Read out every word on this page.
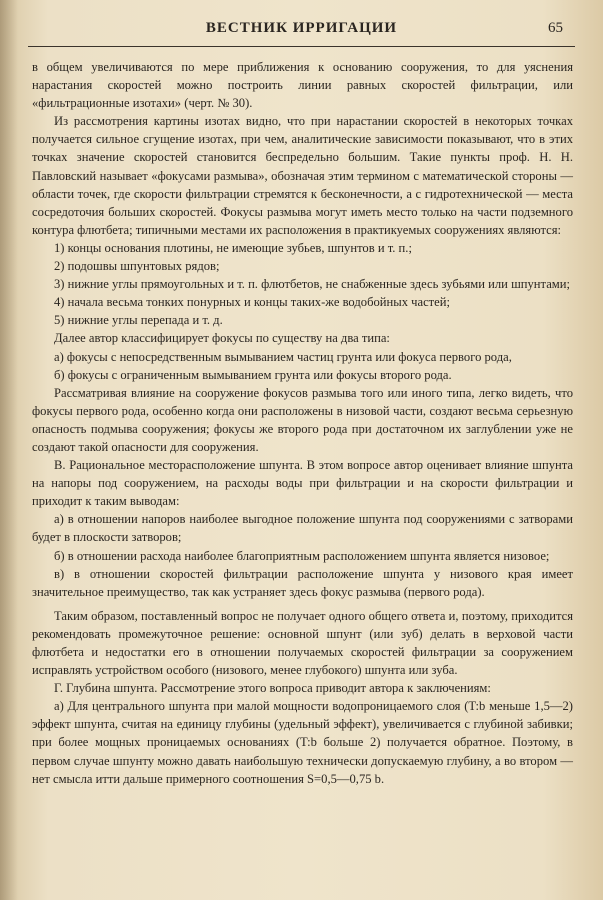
ВЕСТНИК ИРРИГАЦИИ	65

в общем увеличиваются по мере приближения к основанию сооружения, то для уяснения нарастания скоростей можно построить линии равных скоростей фильтрации, или «фильтрационные изотахи» (черт. № 30).

Из рассмотрения картины изотах видно, что при нарастании скоростей в некоторых точках получается сильное сгущение изотах, при чем, аналитические зависимости показывают, что в этих точках значение скоростей становится беспредельно большим. Такие пункты проф. Н. Н. Павловский называет «фокусами размыва», обозначая этим термином с математической стороны — области точек, где скорости фильтрации стремятся к бесконечности, а с гидротехнической — места сосредоточия больших скоростей. Фокусы размыва могут иметь место только на части подземного контура флютбета; типичными местами их расположения в практикуемых сооружениях являются:

1) концы основания плотины, не имеющие зубьев, шпунтов и т. п.;

2) подошвы шпунтовых рядов;

3) нижние углы прямоугольных и т. п. флютбетов, не снабженные здесь зубьями или шпунтами;

4) начала весьма тонких понурных и концы таких-же водобойных частей;

5) нижние углы перепада и т. д.

Далее автор классифицирует фокусы по существу на два типа:

а) фокусы с непосредственным вымыванием частиц грунта или фокуса первого рода,

б) фокусы с ограниченным вымыванием грунта или фокусы второго рода.

Рассматривая влияние на сооружение фокусов размыва того или иного типа, легко видеть, что фокусы первого рода, особенно когда они расположены в низовой части, создают весьма серьезную опасность подмыва сооружения; фокусы же второго рода при достаточном их заглублении уже не создают такой опасности для сооружения.

В. Рациональное месторасположение шпунта. В этом вопросе автор оценивает влияние шпунта на напоры под сооружением, на расходы воды при фильтрации и на скорости фильтрации и приходит к таким выводам:

а) в отношении напоров наиболее выгодное положение шпунта под сооружениями с затворами будет в плоскости затворов;

б) в отношении расхода наиболее благоприятным расположением шпунта является низовое;

в) в отношении скоростей фильтрации расположение шпунта у низового края имеет значительное преимущество, так как устраняет здесь фокус размыва (первого рода).

Таким образом, поставленный вопрос не получает одного общего ответа и, поэтому, приходится рекомендовать промежуточное решение: основной шпунт (или зуб) делать в верховой части флютбета и недостатки его в отношении получаемых скоростей фильтрации за сооружением исправлять устройством особого (низового, менее глубокого) шпунта или зуба.

Г. Глубина шпунта. Рассмотрение этого вопроса приводит автора к заключениям:

а) Для центрального шпунта при малой мощности водопроницаемого слоя (T:b меньше 1,5—2) эффект шпунта, считая на единицу глубины (удельный эффект), увеличивается с глубиной забивки; при более мощных проницаемых основаниях (T:b больше 2) получается обратное. Поэтому, в первом случае шпунту можно давать наибольшую технически допускаемую глубину, а во втором — нет смысла итти дальше примерного соотношения S=0,5—0,75 b.
